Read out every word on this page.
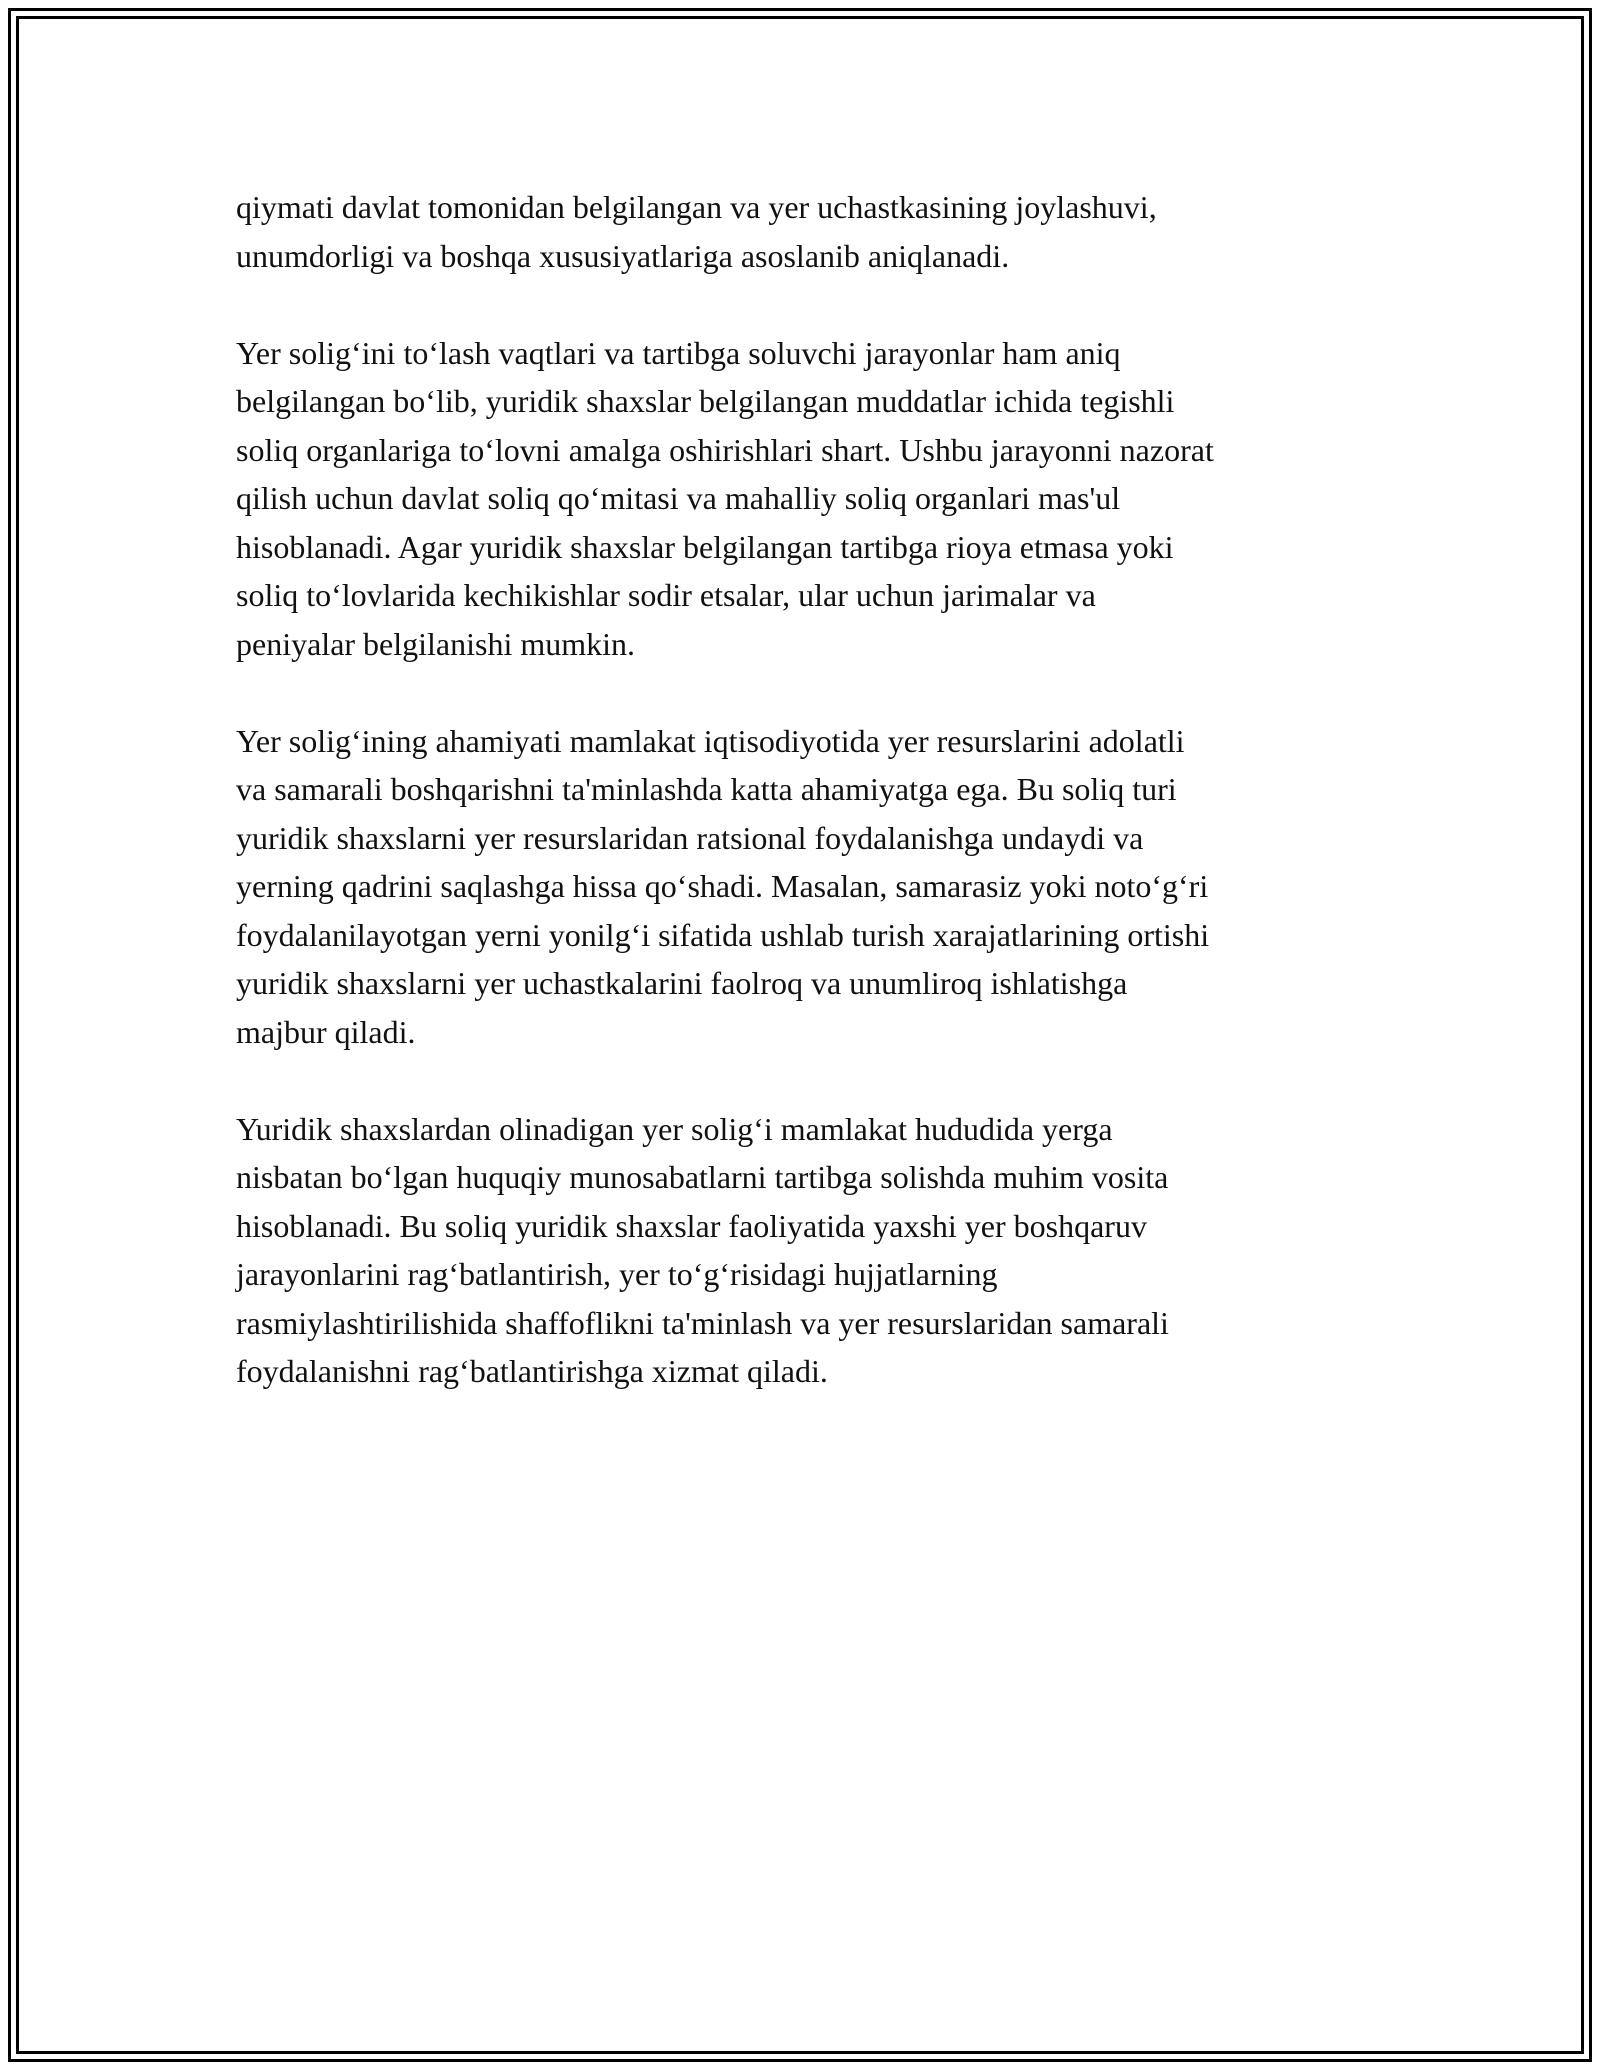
qiymati davlat tomonidan belgilangan va yer uchastkasining joylashuvi,
unumdorligi va boshqa xususiyatlariga asoslanib aniqlanadi.

Yer solig‘ini to‘lash vaqtlari va tartibga soluvchi jarayonlar ham aniq
belgilangan bo‘lib, yuridik shaxslar belgilangan muddatlar ichida tegishli
soliq organlariga to‘lovni amalga oshirishlari shart. Ushbu jarayonni nazorat
qilish uchun davlat soliq qo‘mitasi va mahalliy soliq organlari mas'ul
hisoblanadi. Agar yuridik shaxslar belgilangan tartibga rioya etmasa yoki
soliq to‘lovlarida kechikishlar sodir etsalar, ular uchun jarimalar va
peniyalar belgilanishi mumkin.

Yer solig‘ining ahamiyati mamlakat iqtisodiyotida yer resurslarini adolatli
va samarali boshqarishni ta'minlashda katta ahamiyatga ega. Bu soliq turi
yuridik shaxslarni yer resurslaridan ratsional foydalanishga undaydi va
yerning qadrini saqlashga hissa qo‘shadi. Masalan, samarasiz yoki noto‘g‘ri
foydalanilayotgan yerni yonilg‘i sifatida ushlab turish xarajatlarining ortishi
yuridik shaxslarni yer uchastkalarini faolroq va unumliroq ishlatishga
majbur qiladi.

Yuridik shaxslardan olinadigan yer solig‘i mamlakat hududida yerga
nisbatan bo‘lgan huquqiy munosabatlarni tartibga solishda muhim vosita
hisoblanadi. Bu soliq yuridik shaxslar faoliyatida yaxshi yer boshqaruv
jarayonlarini rag‘batlantirish, yer to‘g‘risidagi hujjatlarning
rasmiylashtirilishida shaffoflikni ta'minlash va yer resurslaridan samarali
foydalanishni rag‘batlantirishga xizmat qiladi.
